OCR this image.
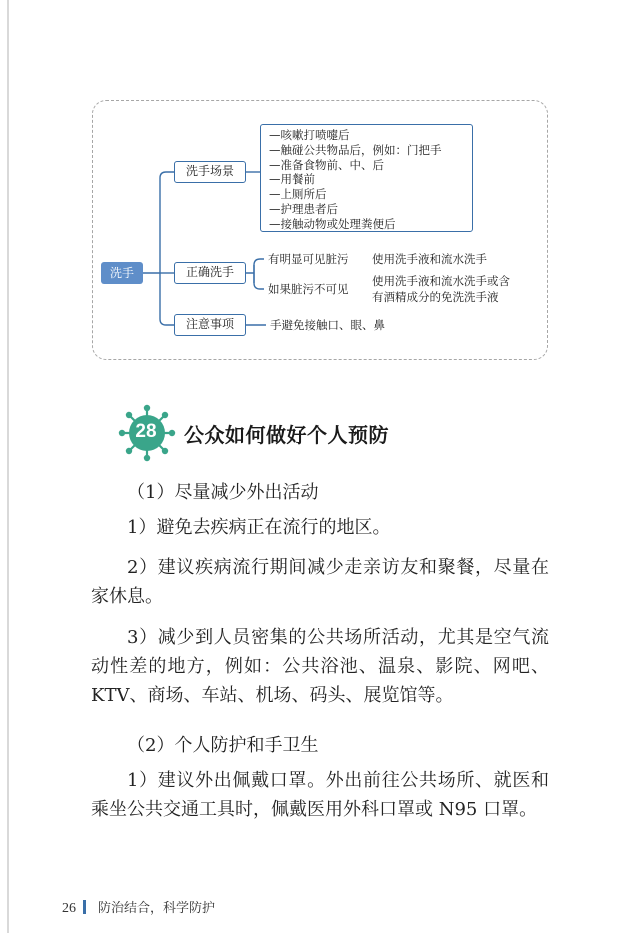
洗手
洗手场景
正确洗手
注意事项
—咳嗽打喷嚏后
—触碰公共物品后，例如：门把手
—准备食物前、中、后
—用餐前
—上厕所后
—护理患者后
—接触动物或处理粪便后
有明显可见脏污 使用洗手液和流水洗手
如果脏污不可见
使用洗手液和流水洗手或含
有酒精成分的免洗洗手液
手避免接触口、眼、鼻
28	公众如何做好个人预防
（1）尽量减少外出活动
1）避免去疾病正在流行的地区。
2）建议疾病流行期间减少走亲访友和聚餐，尽量在家休息。
3）减少到人员密集的公共场所活动，尤其是空气流动性差的地方，例如：公共浴池、温泉、影院、网吧、KTV、商场、车站、机场、码头、展览馆等。
（2）个人防护和手卫生
1）建议外出佩戴口罩。外出前往公共场所、就医和乘坐公共交通工具时，佩戴医用外科口罩或 N95 口罩。
26 防治结合，科学防护
